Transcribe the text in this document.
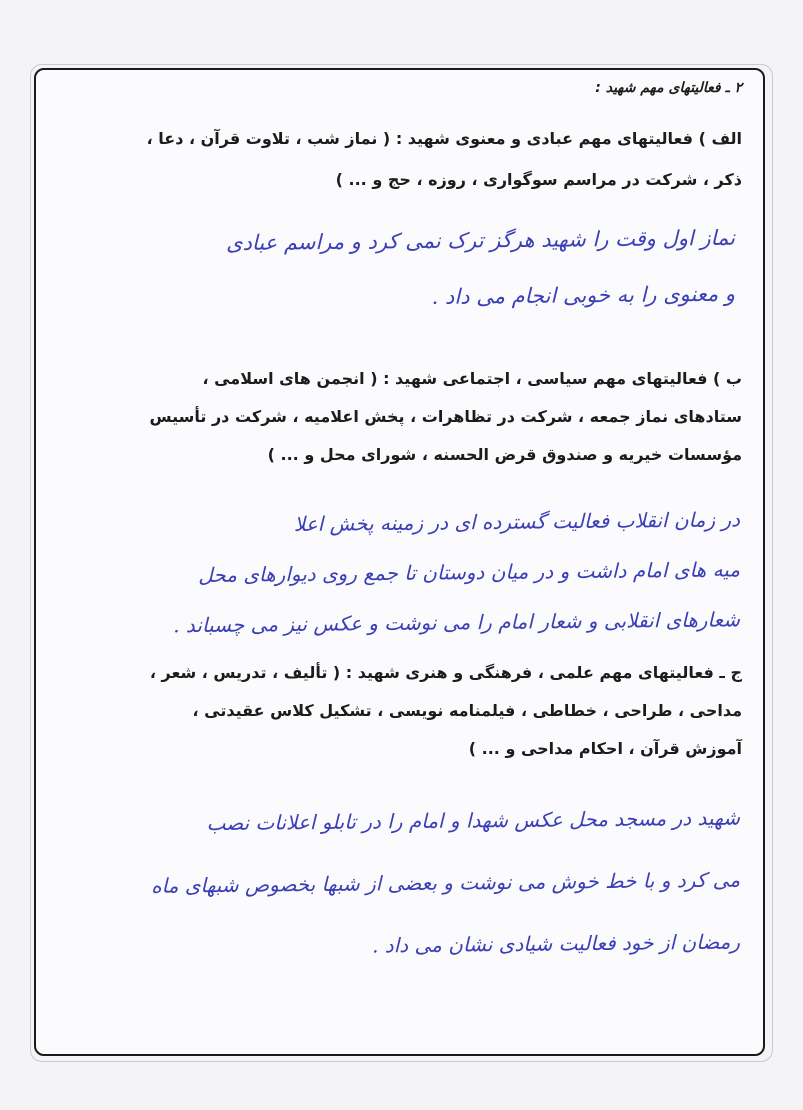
۲ ـ فعالیتهای مهم شهید :
الف ) فعالیتهای مهم عبادی و معنوی شهید : ( نماز شب ، تلاوت قرآن ، دعا ،
ذکر ، شرکت در مراسم سوگواری ، روزه ، حج و ... )
نماز اول وقت را شهید هرگز ترک نمی کرد و مراسم عبادی
و معنوی را به خوبی انجام می داد .
ب ) فعالیتهای مهم سیاسی ، اجتماعی شهید : ( انجمن های اسلامی ،
ستادهای نماز جمعه ، شرکت در تظاهرات ، پخش اعلامیه ، شرکت در تأسیس
مؤسسات خیریه و صندوق قرض الحسنه ، شورای محل و ... )
در زمان انقلاب فعالیت گسترده ای در زمینه پخش اعلا
میه های امام داشت و در میان دوستان تا جمع روی دیوارهای محل
شعارهای انقلابی و شعار امام را می نوشت و عکس نیز می چسباند .
ج ـ فعالیتهای مهم علمی ، فرهنگی و هنری شهید : ( تألیف ، تدریس ، شعر ،
مداحی ، طراحی ، خطاطی ، فیلمنامه نویسی ، تشکیل کلاس عقیدتی ،
آموزش قرآن ، احکام مداحی و ... )
شهید در مسجد محل عکس شهدا و امام را در تابلو اعلانات نصب
می کرد و با خط خوش می نوشت و بعضی از شبها بخصوص شبهای ماه
رمضان از خود فعالیت شیادی نشان می داد .
